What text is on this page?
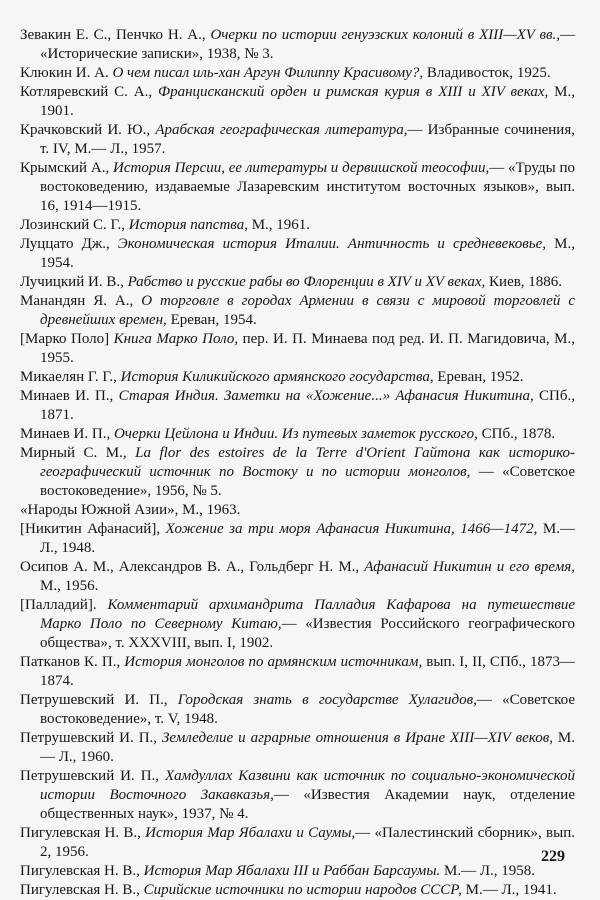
Зевакин Е. С., Пенчко Н. А., Очерки по истории генуэзских колоний в XIII—XV вв.,— «Исторические записки», 1938, № 3.

Клюкин И. А. О чем писал иль-хан Аргун Филиппу Красивому?, Владивосток, 1925.

Котляревский С. А., Францисканский орден и римская курия в XIII и XIV веках, М., 1901.

Крачковский И. Ю., Арабская географическая литература,— Избранные сочинения, т. IV, М.— Л., 1957.

Крымский А., История Персии, ее литературы и дервишской теософии,— «Труды по востоковедению, издаваемые Лазаревским институтом восточных языков», вып. 16, 1914—1915.

Лозинский С. Г., История папства, М., 1961.

Луццато Дж., Экономическая история Италии. Античность и средневековье, М., 1954.

Лучицкий И. В., Рабство и русские рабы во Флоренции в XIV и XV веках, Киев, 1886.

Манандян Я. А., О торговле в городах Армении в связи с мировой торговлей с древнейших времен, Ереван, 1954.

[Марко Поло] Книга Марко Поло, пер. И. П. Минаева под ред. И. П. Магидовича, М., 1955.

Микаелян Г. Г., История Киликийского армянского государства, Ереван, 1952.

Минаев И. П., Старая Индия. Заметки на «Хожение...» Афанасия Никитина, СПб., 1871.

Минаев И. П., Очерки Цейлона и Индии. Из путевых заметок русского, СПб., 1878.

Мирный С. М., La flor des estoires de la Terre d'Orient Гайтона как историко-географический источник по Востоку и по истории монголов, — «Советское востоковедение», 1956, № 5.

«Народы Южной Азии», М., 1963.

[Никитин Афанасий], Хожение за три моря Афанасия Никитина, 1466—1472, М.— Л., 1948.

Осипов А. М., Александров В. А., Гольдберг Н. М., Афанасий Никитин и его время, М., 1956.

[Палладий]. Комментарий архимандрита Палладия Кафарова на путешествие Марко Поло по Северному Китаю,— «Известия Российского географического общества», т. XXXVIII, вып. I, 1902.

Патканов К. П., История монголов по армянским источникам, вып. I, II, СПб., 1873—1874.

Петрушевский И. П., Городская знать в государстве Хулагидов,— «Советское востоковедение», т. V, 1948.

Петрушевский И. П., Земледелие и аграрные отношения в Иране XIII—XIV веков, М.— Л., 1960.

Петрушевский И. П., Хамдуллах Казвини как источник по социально-экономической истории Восточного Закавказья,— «Известия Академии наук, отделение общественных наук», 1937, № 4.

Пигулевская Н. В., История Мар Ябалахи и Саумы,— «Палестинский сборник», вып. 2, 1956.

Пигулевская Н. В., История Мар Ябалахи III и Раббан Барсаумы. М.— Л., 1958.

Пигулевская Н. В., Сирийские источники по истории народов СССР, М.— Л., 1941.

229
